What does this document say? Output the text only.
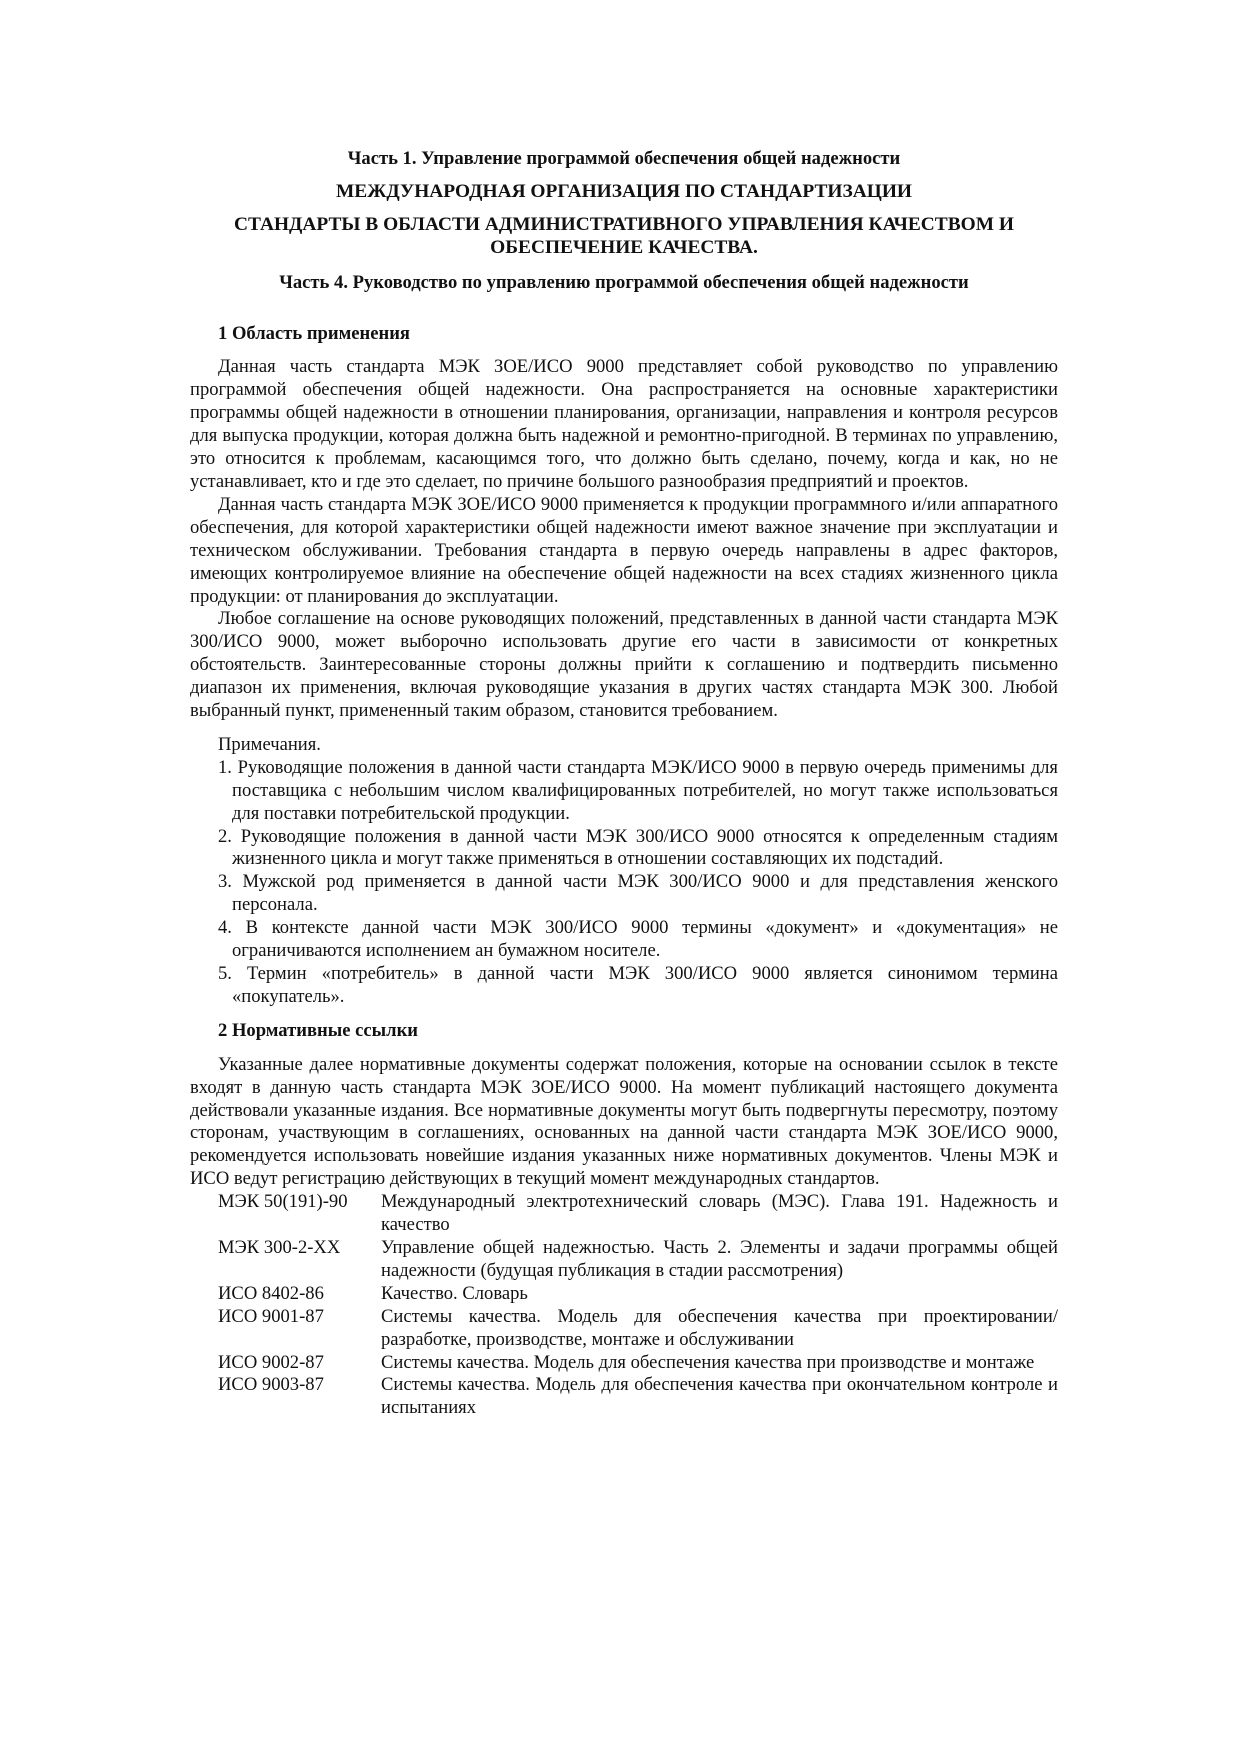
Часть 1. Управление программой обеспечения общей надежности

МЕЖДУНАРОДНАЯ ОРГАНИЗАЦИЯ ПО СТАНДАРТИЗАЦИИ

СТАНДАРТЫ В ОБЛАСТИ АДМИНИСТРАТИВНОГО УПРАВЛЕНИЯ КАЧЕСТВОМ И ОБЕСПЕЧЕНИЕ КАЧЕСТВА.

Часть 4. Руководство по управлению программой обеспечения общей надежности

1 Область применения

Данная часть стандарта МЭК ЗОЕ/ИСО 9000 представляет собой руководство по управлению программой обеспечения общей надежности. Она распространяется на основные характеристики программы общей надежности в отношении планирования, организации, направления и контроля ресурсов для выпуска продукции, которая должна быть надежной и ремонтно-пригодной. В терминах по управлению, это относится к проблемам, касающимся того, что должно быть сделано, почему, когда и как, но не устанавливает, кто и где это сделает, по причине большого разнообразия предприятий и проектов.

Данная часть стандарта МЭК ЗОЕ/ИСО 9000 применяется к продукции программного и/или аппаратного обеспечения, для которой характеристики общей надежности имеют важное значение при эксплуатации и техническом обслуживании. Требования стандарта в первую очередь направлены в адрес факторов, имеющих контролируемое влияние на обеспечение общей надежности на всех стадиях жизненного цикла продукции: от планирования до эксплуатации.

Любое соглашение на основе руководящих положений, представленных в данной части стандарта МЭК 300/ИСО 9000, может выборочно использовать другие его части в зависимости от конкретных обстоятельств. Заинтересованные стороны должны прийти к соглашению и подтвердить письменно диапазон их применения, включая руководящие указания в других частях стандарта МЭК 300. Любой выбранный пункт, примененный таким образом, становится требованием.

Примечания.

1. Руководящие положения в данной части стандарта МЭК/ИСО 9000 в первую очередь применимы для поставщика с небольшим числом квалифицированных потребителей, но могут также использоваться для поставки потребительской продукции.
2. Руководящие положения в данной части МЭК 300/ИСО 9000 относятся к определенным стадиям жизненного цикла и могут также применяться в отношении составляющих их подстадий.
3. Мужской род применяется в данной части МЭК 300/ИСО 9000 и для представления женского персонала.
4. В контексте данной части МЭК 300/ИСО 9000 термины «документ» и «документация» не ограничиваются исполнением ан бумажном носителе.
5. Термин «потребитель» в данной части МЭК 300/ИСО 9000 является синонимом термина «покупатель».

2 Нормативные ссылки

Указанные далее нормативные документы содержат положения, которые на основании ссылок в тексте входят в данную часть стандарта МЭК ЗОЕ/ИСО 9000. На момент публикаций настоящего документа действовали указанные издания. Все нормативные документы могут быть подвергнуты пересмотру, поэтому сторонам, участвующим в соглашениях, основанных на данной части стандарта МЭК ЗОЕ/ИСО 9000, рекомендуется использовать новейшие издания указанных ниже нормативных документов. Члены МЭК и ИСО ведут регистрацию действующих в текущий момент международных стандартов.

МЭК 50(191)-90	Международный электротехнический словарь (МЭС). Глава 191. Надежность и качество
МЭК 300-2-XX	Управление общей надежностью. Часть 2. Элементы и задачи программы общей надежности (будущая публикация в стадии рассмотрения)
ИСО 8402-86	Качество. Словарь
ИСО 9001-87	Системы качества. Модель для обеспечения качества при проектировании/разработке, производстве, монтаже и обслуживании
ИСО 9002-87	Системы качества. Модель для обеспечения качества при производстве и монтаже
ИСО 9003-87	Системы качества. Модель для обеспечения качества при окончательном контроле и испытаниях
